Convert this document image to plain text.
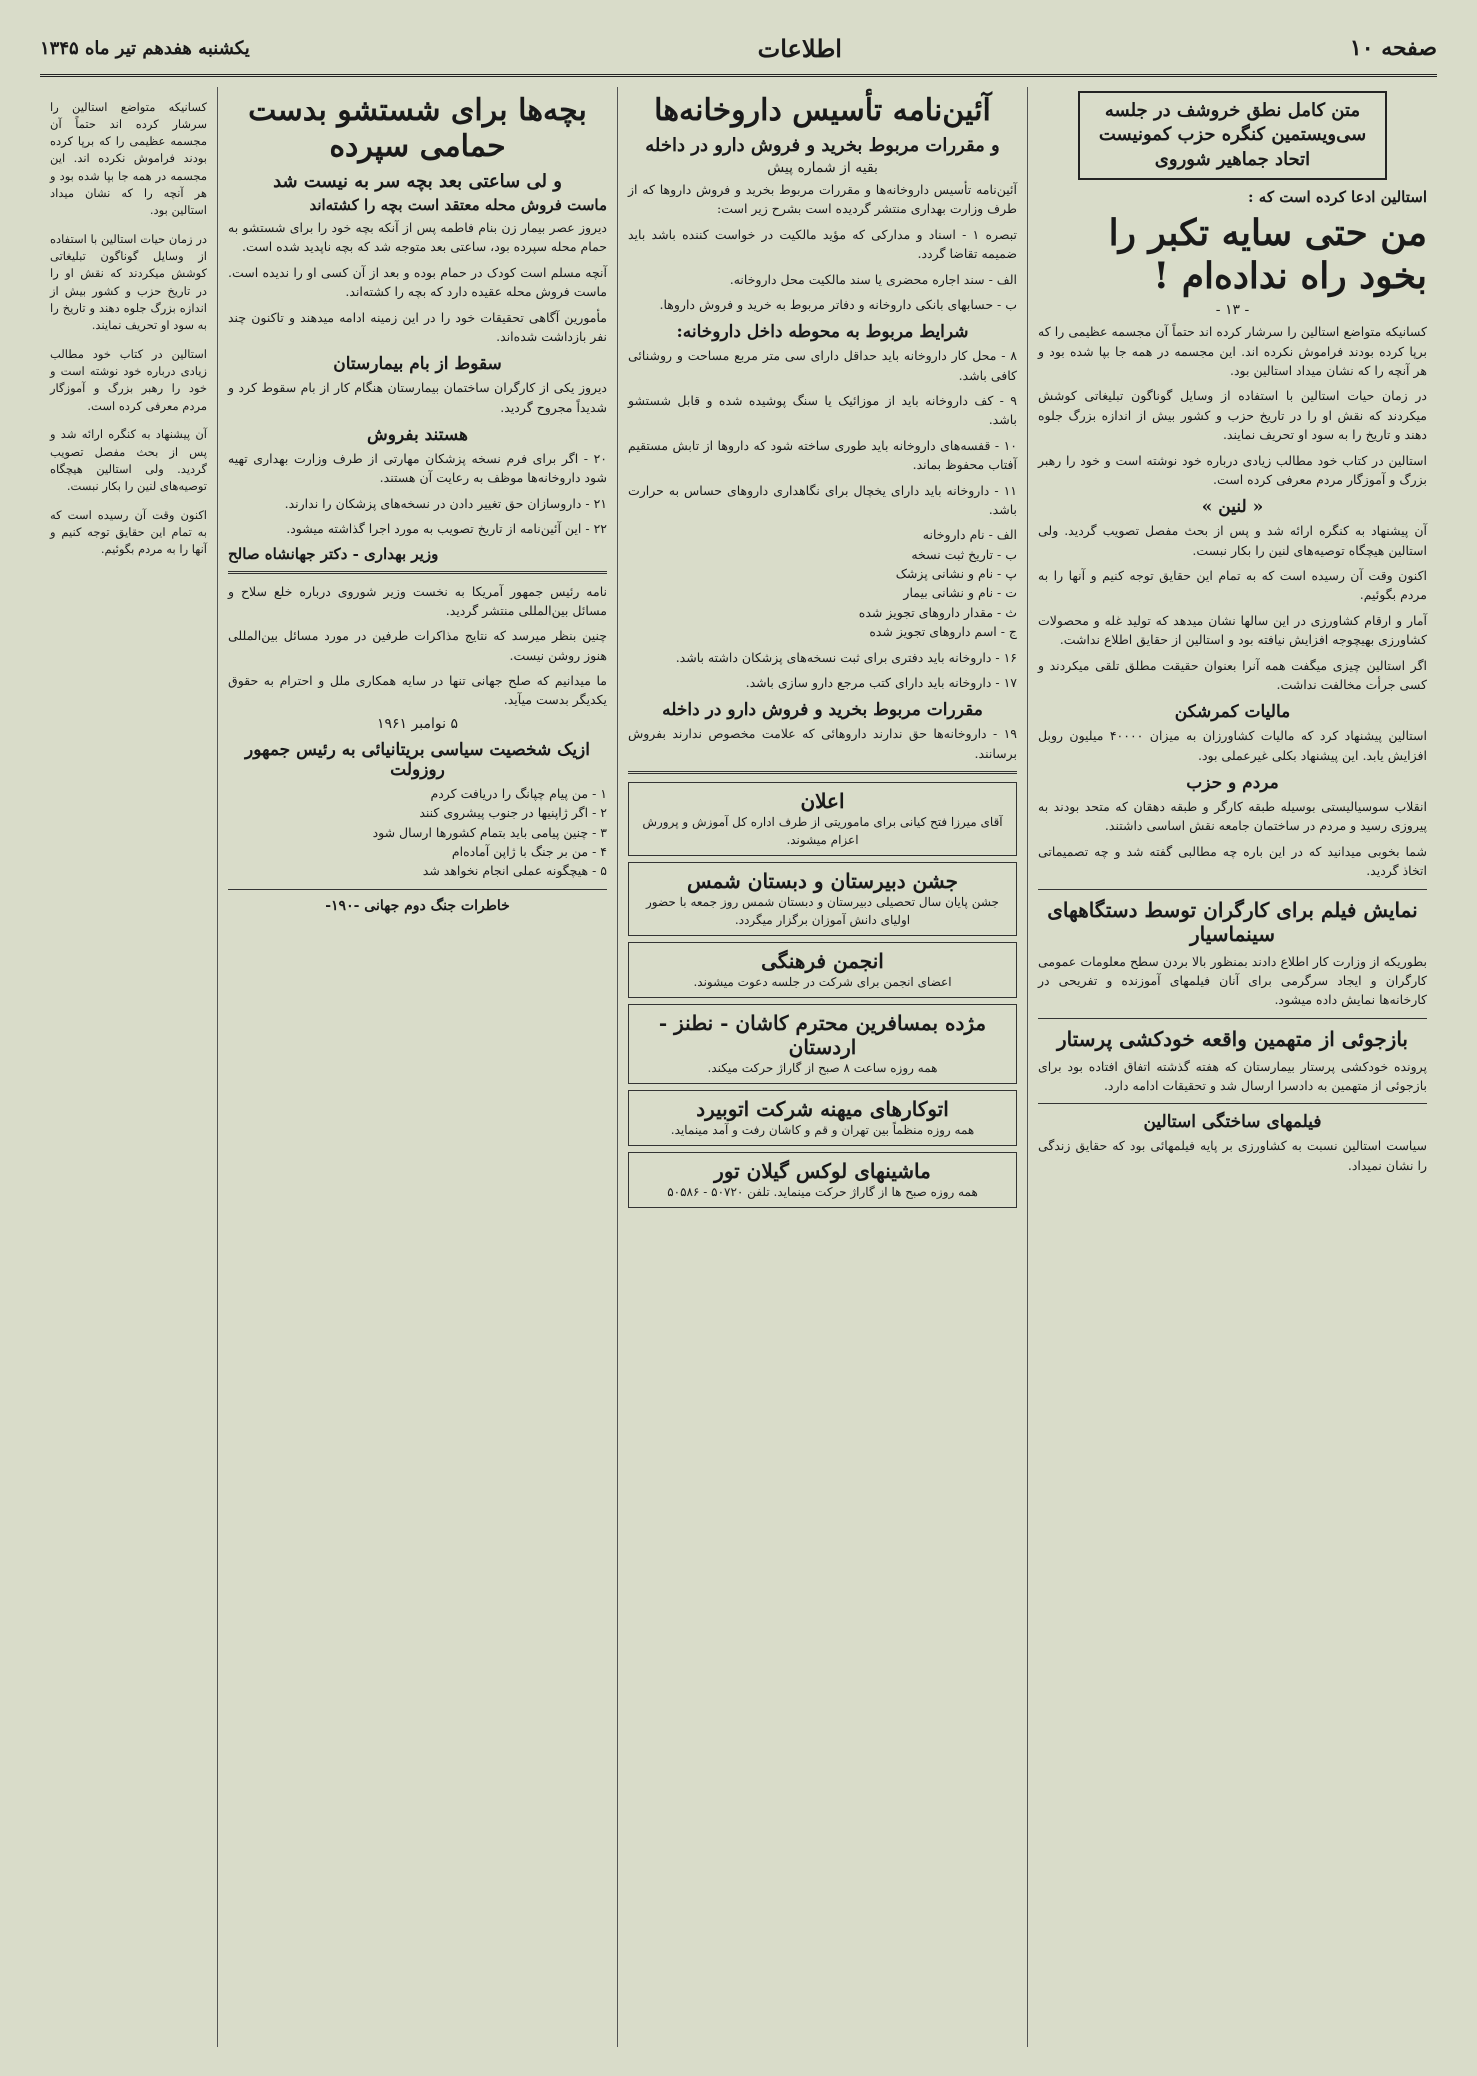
صفحه ۱۰
اطلاعات
یکشنبه هفدهم تیر ماه ۱۳۴۵
متن کامل نطق خروشف در جلسه سی‌ویستمین کنگره حزب کمونیست اتحاد جماهیر شوروی
استالین ادعا کرده است که :
من حتی سایه تکبر را بخود راه نداده‌ام !
- ۱۳ -

کسانیکه متواضع استالین را سرشار کرده اند حتماً آن مجسمه عظیمی را که برپا کرده بودند فراموش نکرده اند. این مجسمه در همه جا بپا شده بود و هر آنچه را که نشان میداد استالین بود.

در زمان حیات استالین با استفاده از وسایل گوناگون تبلیغاتی کوشش میکردند که نقش او را در تاریخ حزب و کشور بیش از اندازه بزرگ جلوه دهند و تاریخ را به سود او تحریف نمایند.

استالین در کتاب خود مطالب زیادی درباره خود نوشته است و خود را رهبر بزرگ و آموزگار مردم معرفی کرده است.

« لنین »

آن پیشنهاد به کنگره ارائه شد و پس از بحث مفصل تصویب گردید. ولی استالین هیچگاه توصیه‌های لنین را بکار نبست.

اکنون وقت آن رسیده است که به تمام این حقایق توجه کنیم و آنها را به مردم بگوئیم.

آمار و ارقام کشاورزی در این سالها نشان میدهد که تولید غله و محصولات کشاورزی بهیچوجه افزایش نیافته بود و استالین از حقایق اطلاع نداشت.

اگر استالین چیزی میگفت همه آنرا بعنوان حقیقت مطلق تلقی میکردند و کسی جرأت مخالفت نداشت.

مالیات کمرشکن

استالین پیشنهاد کرد که مالیات کشاورزان به میزان ۴۰۰۰۰ میلیون روبل افزایش یابد. این پیشنهاد بکلی غیرعملی بود.

مردم و حزب

انقلاب سوسیالیستی بوسیله طبقه کارگر و طبقه دهقان که متحد بودند به پیروزی رسید و مردم در ساختمان جامعه نقش اساسی داشتند.

شما بخوبی میدانید که در این باره چه مطالبی گفته شد و چه تصمیماتی اتخاذ گردید.

نمایش فیلم برای کارگران توسط دستگاههای سینماسیار

بطوریکه از وزارت کار اطلاع دادند بمنظور بالا بردن سطح معلومات عمومی کارگران و ایجاد سرگرمی برای آنان فیلمهای آموزنده و تفریحی در کارخانه‌ها نمایش داده میشود.

بازجوئی از متهمین واقعه خودکشی پرستار

پرونده خودکشی پرستار بیمارستان که هفته گذشته اتفاق افتاده بود برای بازجوئی از متهمین به دادسرا ارسال شد و تحقیقات ادامه دارد.

فیلمهای ساختگی استالین

سیاست استالین نسبت به کشاورزی بر پایه فیلمهائی بود که حقایق زندگی را نشان نمیداد.

آئین‌نامه تأسیس داروخانه‌ها
و مقررات مربوط بخرید و فروش دارو در داخله
بقیه از شماره پیش

آئین‌نامه تأسیس داروخانه‌ها و مقررات مربوط بخرید و فروش داروها که از طرف وزارت بهداری منتشر گردیده است بشرح زیر است:

تبصره ۱ - اسناد و مدارکی که مؤید مالکیت در خواست کننده باشد باید ضمیمه تقاضا گردد.

الف - سند اجاره محضری یا سند مالکیت محل داروخانه.

ب - حسابهای بانکی داروخانه و دفاتر مربوط به خرید و فروش داروها.

شرایط مربوط به محوطه داخل داروخانه:

۸ - محل کار داروخانه باید حداقل دارای سی متر مربع مساحت و روشنائی کافی باشد.

۹ - کف داروخانه باید از موزائیک یا سنگ پوشیده شده و قابل شستشو باشد.

۱۰ - قفسه‌های داروخانه باید طوری ساخته شود که داروها از تابش مستقیم آفتاب محفوظ بماند.

۱۱ - داروخانه باید دارای یخچال برای نگاهداری داروهای حساس به حرارت باشد.

الف - نام داروخانه
ب - تاریخ ثبت نسخه
پ - نام و نشانی پزشک
ت - نام و نشانی بیمار
ث - مقدار داروهای تجویز شده
ج - اسم داروهای تجویز شده

۱۶ - داروخانه باید دفتری برای ثبت نسخه‌های پزشکان داشته باشد.

۱۷ - داروخانه باید دارای کتب مرجع دارو سازی باشد.

مقررات مربوط بخرید و فروش دارو در داخله

۱۹ - داروخانه‌ها حق ندارند داروهائی که علامت مخصوص ندارند بفروش برسانند.

اعلان
آقای میرزا فتح کیانی برای ماموریتی از طرف اداره کل آموزش و پرورش اعزام میشوند.
جشن دبیرستان و دبستان شمس
جشن پایان سال تحصیلی دبیرستان و دبستان شمس روز جمعه با حضور اولیای دانش آموزان برگزار میگردد.
انجمن فرهنگی
اعضای انجمن برای شرکت در جلسه دعوت میشوند.
مژده بمسافرین محترم کاشان - نطنز - اردستان
همه روزه ساعت ۸ صبح از گاراژ حرکت میکند.
اتوکارهای میهنه شرکت اتوبیرد
همه روزه منظماً بین تهران و قم و کاشان رفت و آمد مینماید.
ماشینهای لوکس گیلان تور
همه روزه صبح ها از گاراژ حرکت مینماید. تلفن ۵۰۷۲۰ - ۵۰۵۸۶
بچه‌ها برای شستشو بدست حمامی سپرده
و لی ساعتی بعد بچه سر به نیست شد
ماست فروش محله معتقد است بچه را کشته‌اند

دیروز عصر بیمار زن بنام فاطمه پس از آنکه بچه خود را برای شستشو به حمام محله سپرده بود، ساعتی بعد متوجه شد که بچه ناپدید شده است.

آنچه مسلم است کودک در حمام بوده و بعد از آن کسی او را ندیده است. ماست فروش محله عقیده دارد که بچه را کشته‌اند.

مأمورین آگاهی تحقیقات خود را در این زمینه ادامه میدهند و تاکنون چند نفر بازداشت شده‌اند.

سقوط از بام بیمارستان

دیروز یکی از کارگران ساختمان بیمارستان هنگام کار از بام سقوط کرد و شدیداً مجروح گردید.

هستند بفروش

۲۰ - اگر برای فرم نسخه پزشکان مهارتی از طرف وزارت بهداری تهیه شود داروخانه‌ها موظف به رعایت آن هستند.

۲۱ - داروسازان حق تغییر دادن در نسخه‌های پزشکان را ندارند.

۲۲ - این آئین‌نامه از تاریخ تصویب به مورد اجرا گذاشته میشود.

وزیر بهداری - دکتر جهانشاه صالح

نامه رئیس جمهور آمریکا به نخست وزیر شوروی درباره خلع سلاح و مسائل بین‌المللی منتشر گردید.

چنین بنظر میرسد که نتایج مذاکرات طرفین در مورد مسائل بین‌المللی هنوز روشن نیست.

ما میدانیم که صلح جهانی تنها در سایه همکاری ملل و احترام به حقوق یکدیگر بدست میآید.

۵ نوامبر ۱۹۶۱
ازیک شخصیت سیاسی بریتانیائی به رئیس جمهور روزولت
۱ - من پیام چپانگ را دریافت کردم
۲ - اگر ژاپنیها در جنوب پیشروی کنند
۳ - چنین پیامی باید بتمام کشورها ارسال شود
۴ - من بر جنگ با ژاپن آماده‌ام
۵ - هیچگونه عملی انجام نخواهد شد
خاطرات جنگ دوم جهانی -۱۹۰-

کسانیکه متواضع استالین را سرشار کرده اند حتماً آن مجسمه عظیمی را که برپا کرده بودند فراموش نکرده اند. این مجسمه در همه جا بپا شده بود و هر آنچه را که نشان میداد استالین بود.

در زمان حیات استالین با استفاده از وسایل گوناگون تبلیغاتی کوشش میکردند که نقش او را در تاریخ حزب و کشور بیش از اندازه بزرگ جلوه دهند و تاریخ را به سود او تحریف نمایند.

استالین در کتاب خود مطالب زیادی درباره خود نوشته است و خود را رهبر بزرگ و آموزگار مردم معرفی کرده است.

آن پیشنهاد به کنگره ارائه شد و پس از بحث مفصل تصویب گردید. ولی استالین هیچگاه توصیه‌های لنین را بکار نبست.

اکنون وقت آن رسیده است که به تمام این حقایق توجه کنیم و آنها را به مردم بگوئیم.
